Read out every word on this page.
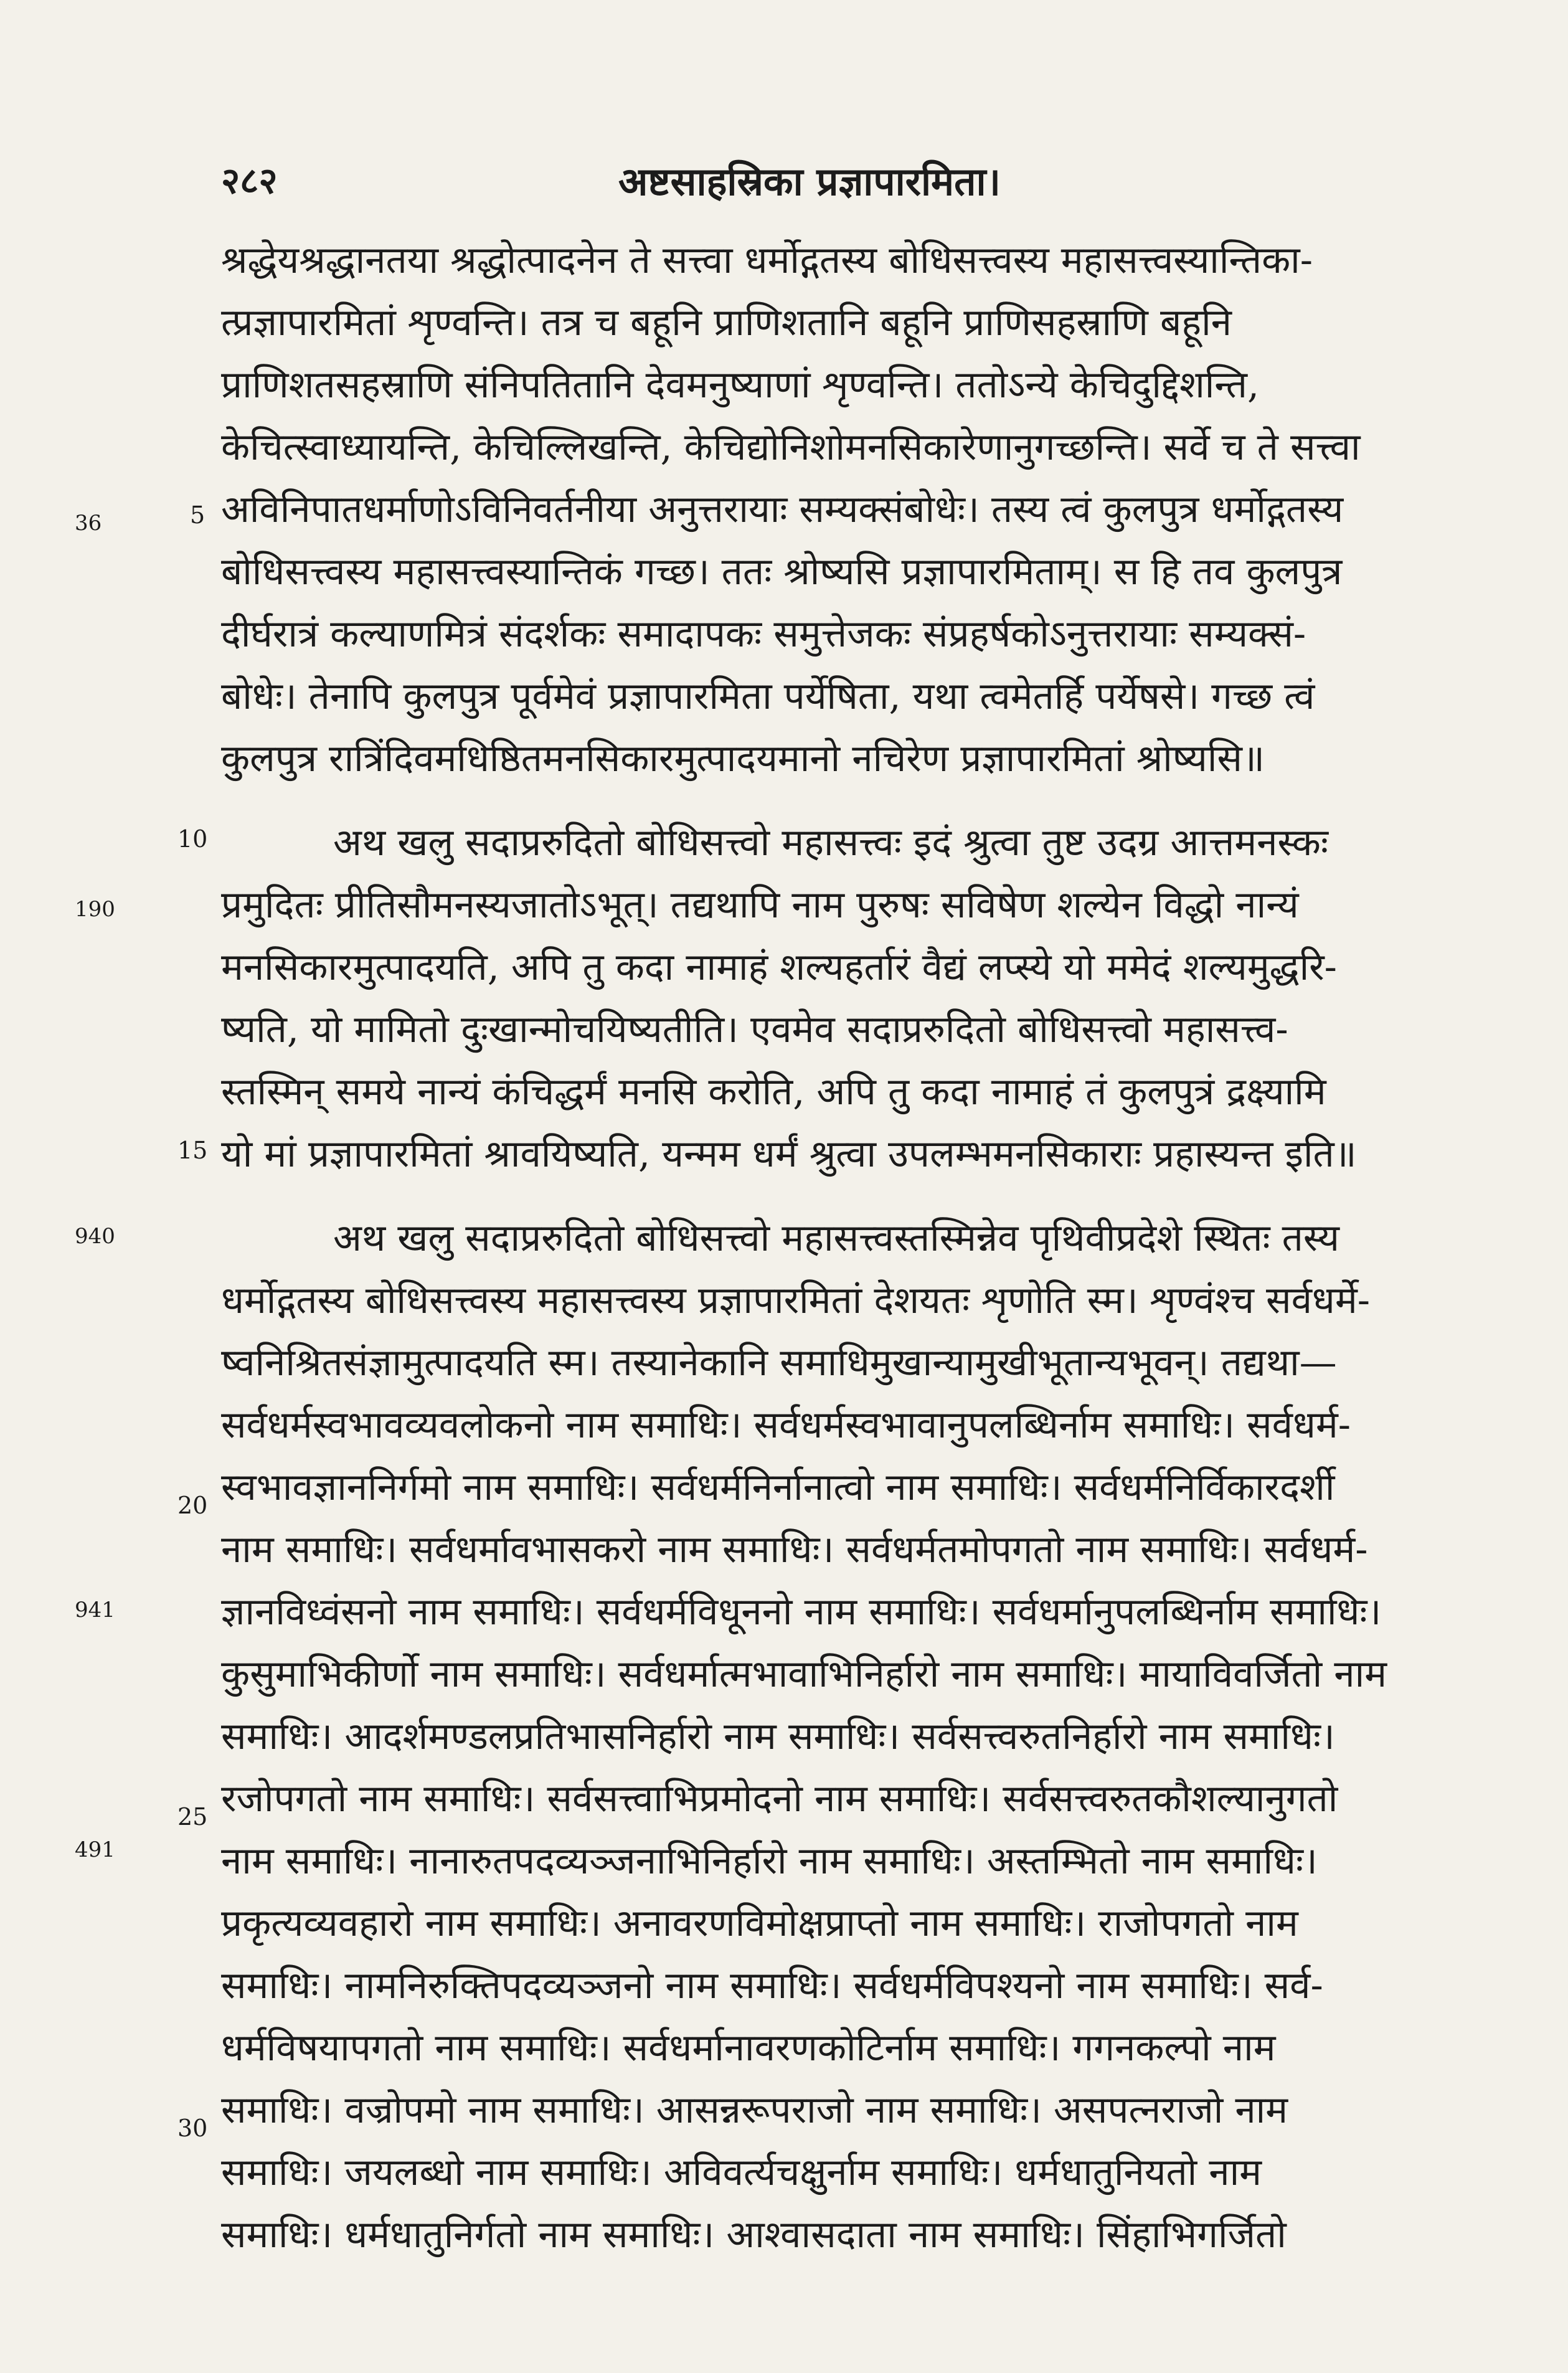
२८२	अष्टसाहस्रिका प्रज्ञापारमिता।
श्रद्धेयश्रद्धानतया श्रद्धोत्पादनेन ते सत्त्वा धर्मोद्गतस्य बोधिसत्त्वस्य महासत्त्वस्यान्तिका-
त्प्रज्ञापारमितां शृण्वन्ति। तत्र च बहूनि प्राणिशतानि बहूनि प्राणिसहस्राणि बहूनि
प्राणिशतसहस्राणि संनिपतितानि देवमनुष्याणां शृण्वन्ति। ततोऽन्ये केचिदुद्दिशन्ति,
केचित्स्वाध्यायन्ति, केचिल्लिखन्ति, केचिद्योनिशोमनसिकारेणानुगच्छन्ति। सर्वे च ते सत्त्वा
अविनिपातधर्माणोऽविनिवर्तनीया अनुत्तरायाः सम्यक्संबोधेः। तस्य त्वं कुलपुत्र धर्मोद्गतस्य
बोधिसत्त्वस्य महासत्त्वस्यान्तिकं गच्छ। ततः श्रोष्यसि प्रज्ञापारमिताम्। स हि तव कुलपुत्र
दीर्घरात्रं कल्याणमित्रं संदर्शकः समादापकः समुत्तेजकः संप्रहर्षकोऽनुत्तरायाः सम्यक्सं-
बोधेः। तेनापि कुलपुत्र पूर्वमेवं प्रज्ञापारमिता पर्येषिता, यथा त्वमेतर्हि पर्येषसे। गच्छ त्वं
कुलपुत्र रात्रिंदिवमधिष्ठितमनसिकारमुत्पादयमानो नचिरेण प्रज्ञापारमितां श्रोष्यसि॥
अथ खलु सदाप्ररुदितो बोधिसत्त्वो महासत्त्वः इदं श्रुत्वा तुष्ट उदग्र आत्तमनस्कः
प्रमुदितः प्रीतिसौमनस्यजातोऽभूत्। तद्यथापि नाम पुरुषः सविषेण शल्येन विद्धो नान्यं
मनसिकारमुत्पादयति, अपि तु कदा नामाहं शल्यहर्तारं वैद्यं लप्स्ये यो ममेदं शल्यमुद्धरि-
ष्यति, यो मामितो दुःखान्मोचयिष्यतीति। एवमेव सदाप्ररुदितो बोधिसत्त्वो महासत्त्व-
स्तस्मिन् समये नान्यं कंचिद्धर्मं मनसि करोति, अपि तु कदा नामाहं तं कुलपुत्रं द्रक्ष्यामि
यो मां प्रज्ञापारमितां श्रावयिष्यति, यन्मम धर्मं श्रुत्वा उपलम्भमनसिकाराः प्रहास्यन्त इति॥
अथ खलु सदाप्ररुदितो बोधिसत्त्वो महासत्त्वस्तस्मिन्नेव पृथिवीप्रदेशे स्थितः तस्य
धर्मोद्गतस्य बोधिसत्त्वस्य महासत्त्वस्य प्रज्ञापारमितां देशयतः शृणोति स्म। शृण्वंश्च सर्वधर्मे-
ष्वनिश्रितसंज्ञामुत्पादयति स्म। तस्यानेकानि समाधिमुखान्यामुखीभूतान्यभूवन्। तद्यथा—
सर्वधर्मस्वभावव्यवलोकनो नाम समाधिः। सर्वधर्मस्वभावानुपलब्धिर्नाम समाधिः। सर्वधर्म-
स्वभावज्ञाननिर्गमो नाम समाधिः। सर्वधर्मनिर्नानात्वो नाम समाधिः। सर्वधर्मनिर्विकारदर्शी
नाम समाधिः। सर्वधर्मावभासकरो नाम समाधिः। सर्वधर्मतमोपगतो नाम समाधिः। सर्वधर्म-
ज्ञानविध्वंसनो नाम समाधिः। सर्वधर्मविधूननो नाम समाधिः। सर्वधर्मानुपलब्धिर्नाम समाधिः।
कुसुमाभिकीर्णो नाम समाधिः। सर्वधर्मात्मभावाभिनिर्हारो नाम समाधिः। मायाविवर्जितो नाम
समाधिः। आदर्शमण्डलप्रतिभासनिर्हारो नाम समाधिः। सर्वसत्त्वरुतनिर्हारो नाम समाधिः।
रजोपगतो नाम समाधिः। सर्वसत्त्वाभिप्रमोदनो नाम समाधिः। सर्वसत्त्वरुतकौशल्यानुगतो
नाम समाधिः। नानारुतपदव्यञ्जनाभिनिर्हारो नाम समाधिः। अस्तम्भितो नाम समाधिः।
प्रकृत्यव्यवहारो नाम समाधिः। अनावरणविमोक्षप्राप्तो नाम समाधिः। राजोपगतो नाम
समाधिः। नामनिरुक्तिपदव्यञ्जनो नाम समाधिः। सर्वधर्मविपश्यनो नाम समाधिः। सर्व-
धर्मविषयापगतो नाम समाधिः। सर्वधर्मानावरणकोटिर्नाम समाधिः। गगनकल्पो नाम
समाधिः। वज्रोपमो नाम समाधिः। आसन्नरूपराजो नाम समाधिः। असपत्नराजो नाम
समाधिः। जयलब्धो नाम समाधिः। अविवर्त्यचक्षुर्नाम समाधिः। धर्मधातुनियतो नाम
समाधिः। धर्मधातुनिर्गतो नाम समाधिः। आश्वासदाता नाम समाधिः। सिंहाभिगर्जितो
36
190
940
941
491
5
10
15
20
25
30
